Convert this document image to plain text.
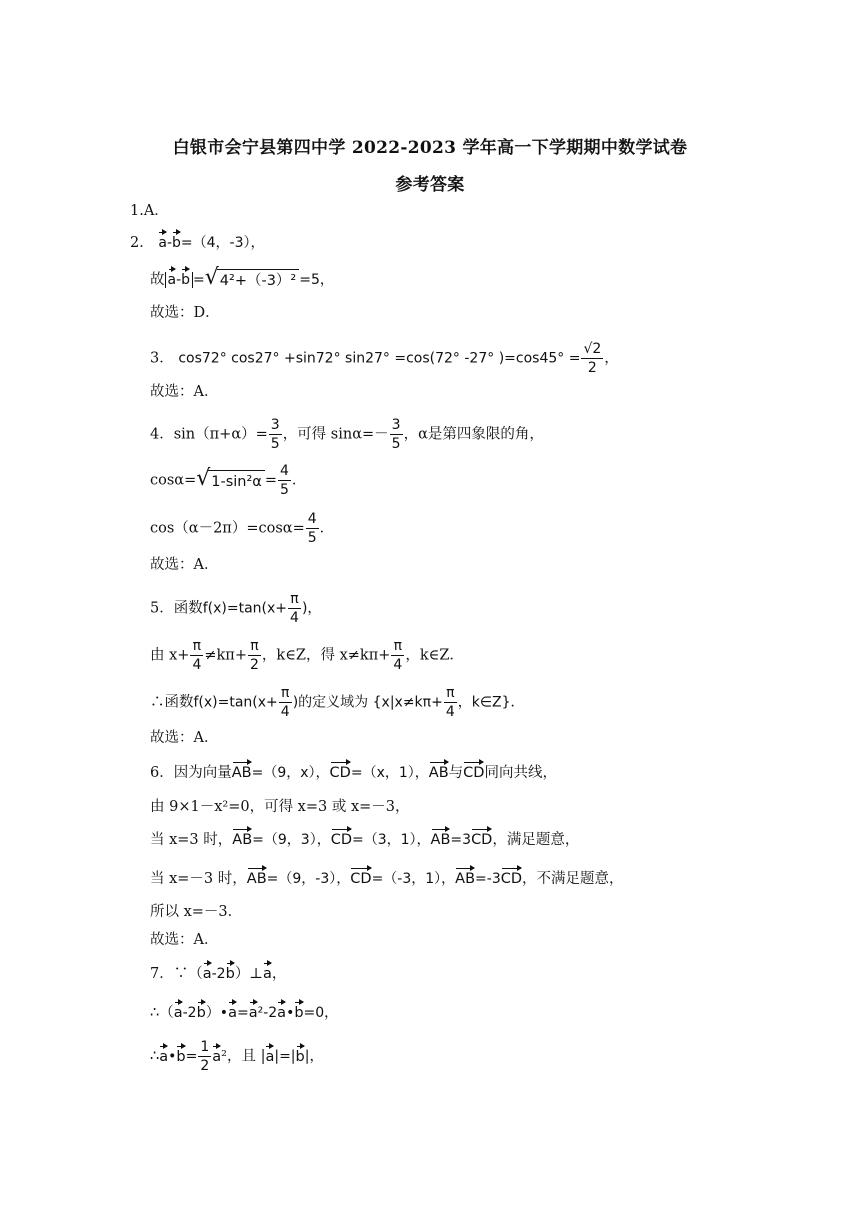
白银市会宁县第四中学 2022-2023 学年高一下学期期中数学试卷
参考答案
1.A．
2． a-b=（4，-3），
故 a-b = √ 4²+（-3）² =5，
故选：D．
3． cos72° cos27° +sin72° sin27° =cos(72° -27° )$=\cos 45^\circ = \frac{√2}{2}$ ，
故选：A．
4．$\sin(\pi+\alpha)= \frac{3}{5}$ ，可得 $\sin\alpha=- \frac{3}{5}$ ，α是第四象限的角，
cosα= √ $1-\sin^2\alpha = \frac{4}{5}$ ．
$\cos(\alpha-2\pi)=\cos\alpha= \frac{4}{5}$ ．
故选：A．
5．函数$f(x)=\tan(x+ \frac{\pi}{4}$ )，
由 $x+ \frac{\pi}{4} \ne k\pi+ \frac{\pi}{2}$ ，k∈Z，得 $x\ne k\pi+ \frac{\pi}{4}$ ，k∈Z．
∴函数$f(x)=\tan(x+ \frac{\pi}{4}$ )的定义域为 {$x|x\ne k\pi+ \frac{\pi}{4}$ ，k∈Z}．
故选：A．
6．因为向量AB=（9，x），CD=（x，1），AB与CD同向共线，
由 9×1－x²=0，可得 x=3 或 x=－3，
当 x=3 时，AB=（9，3），CD=（3，1），AB=3CD，满足题意，
当 x=－3 时，AB=（9，-3），CD=（-3，1），AB=-3CD，不满足题意，
所以 x=－3．
故选：A．
7．∵（a-2b）⊥a，
∴（a-2b）•a=a²-2a•b=0，
∴a•b= $\frac{1}{2} a^2$，且 |a|=|b|，
